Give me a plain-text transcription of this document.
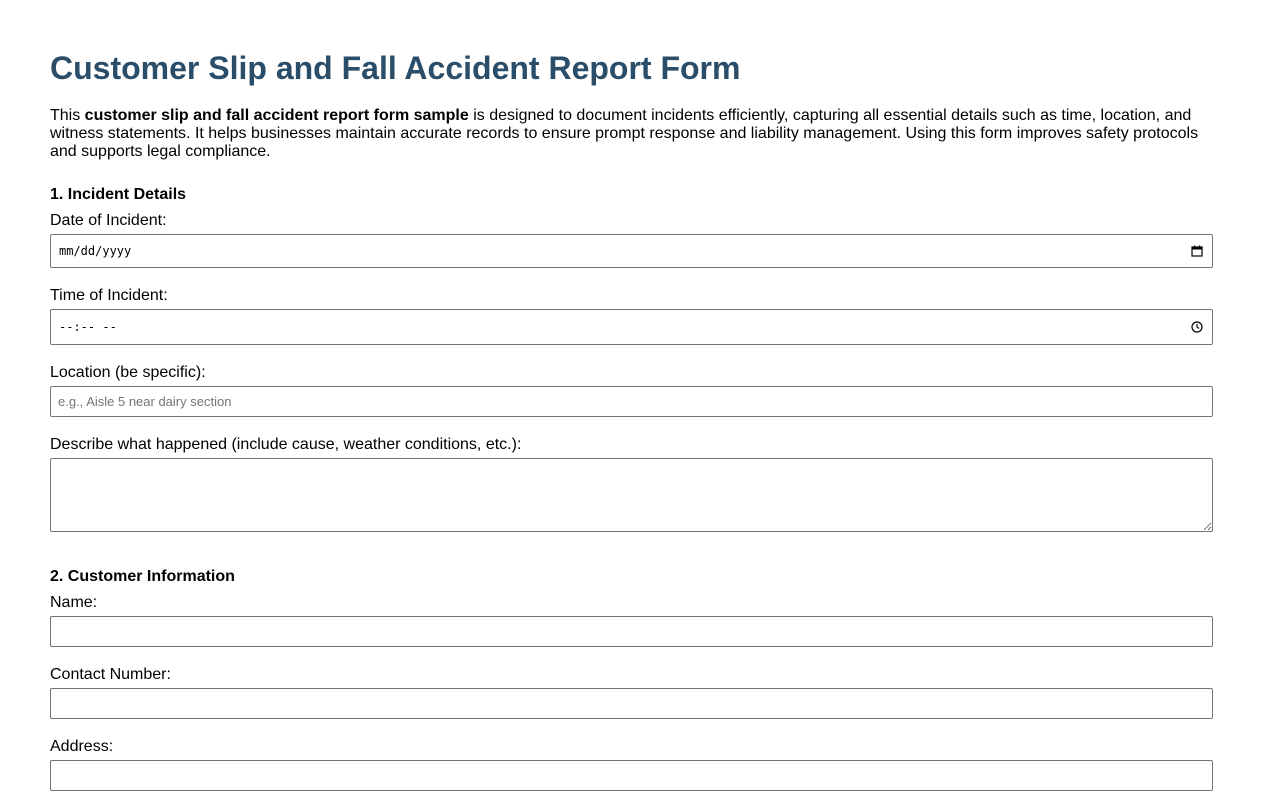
Customer Slip and Fall Accident Report Form

This customer slip and fall accident report form sample is designed to document incidents efficiently, capturing all essential details such as time, location, and witness statements. It helps businesses maintain accurate records to ensure prompt response and liability management. Using this form improves safety protocols and supports legal compliance.

1. Incident Details
Date of Incident:
mm/dd/yyyy
Time of Incident:
--:-- --
Location (be specific):
e.g., Aisle 5 near dairy section
Describe what happened (include cause, weather conditions, etc.):
2. Customer Information
Name:
Contact Number:
Address:
